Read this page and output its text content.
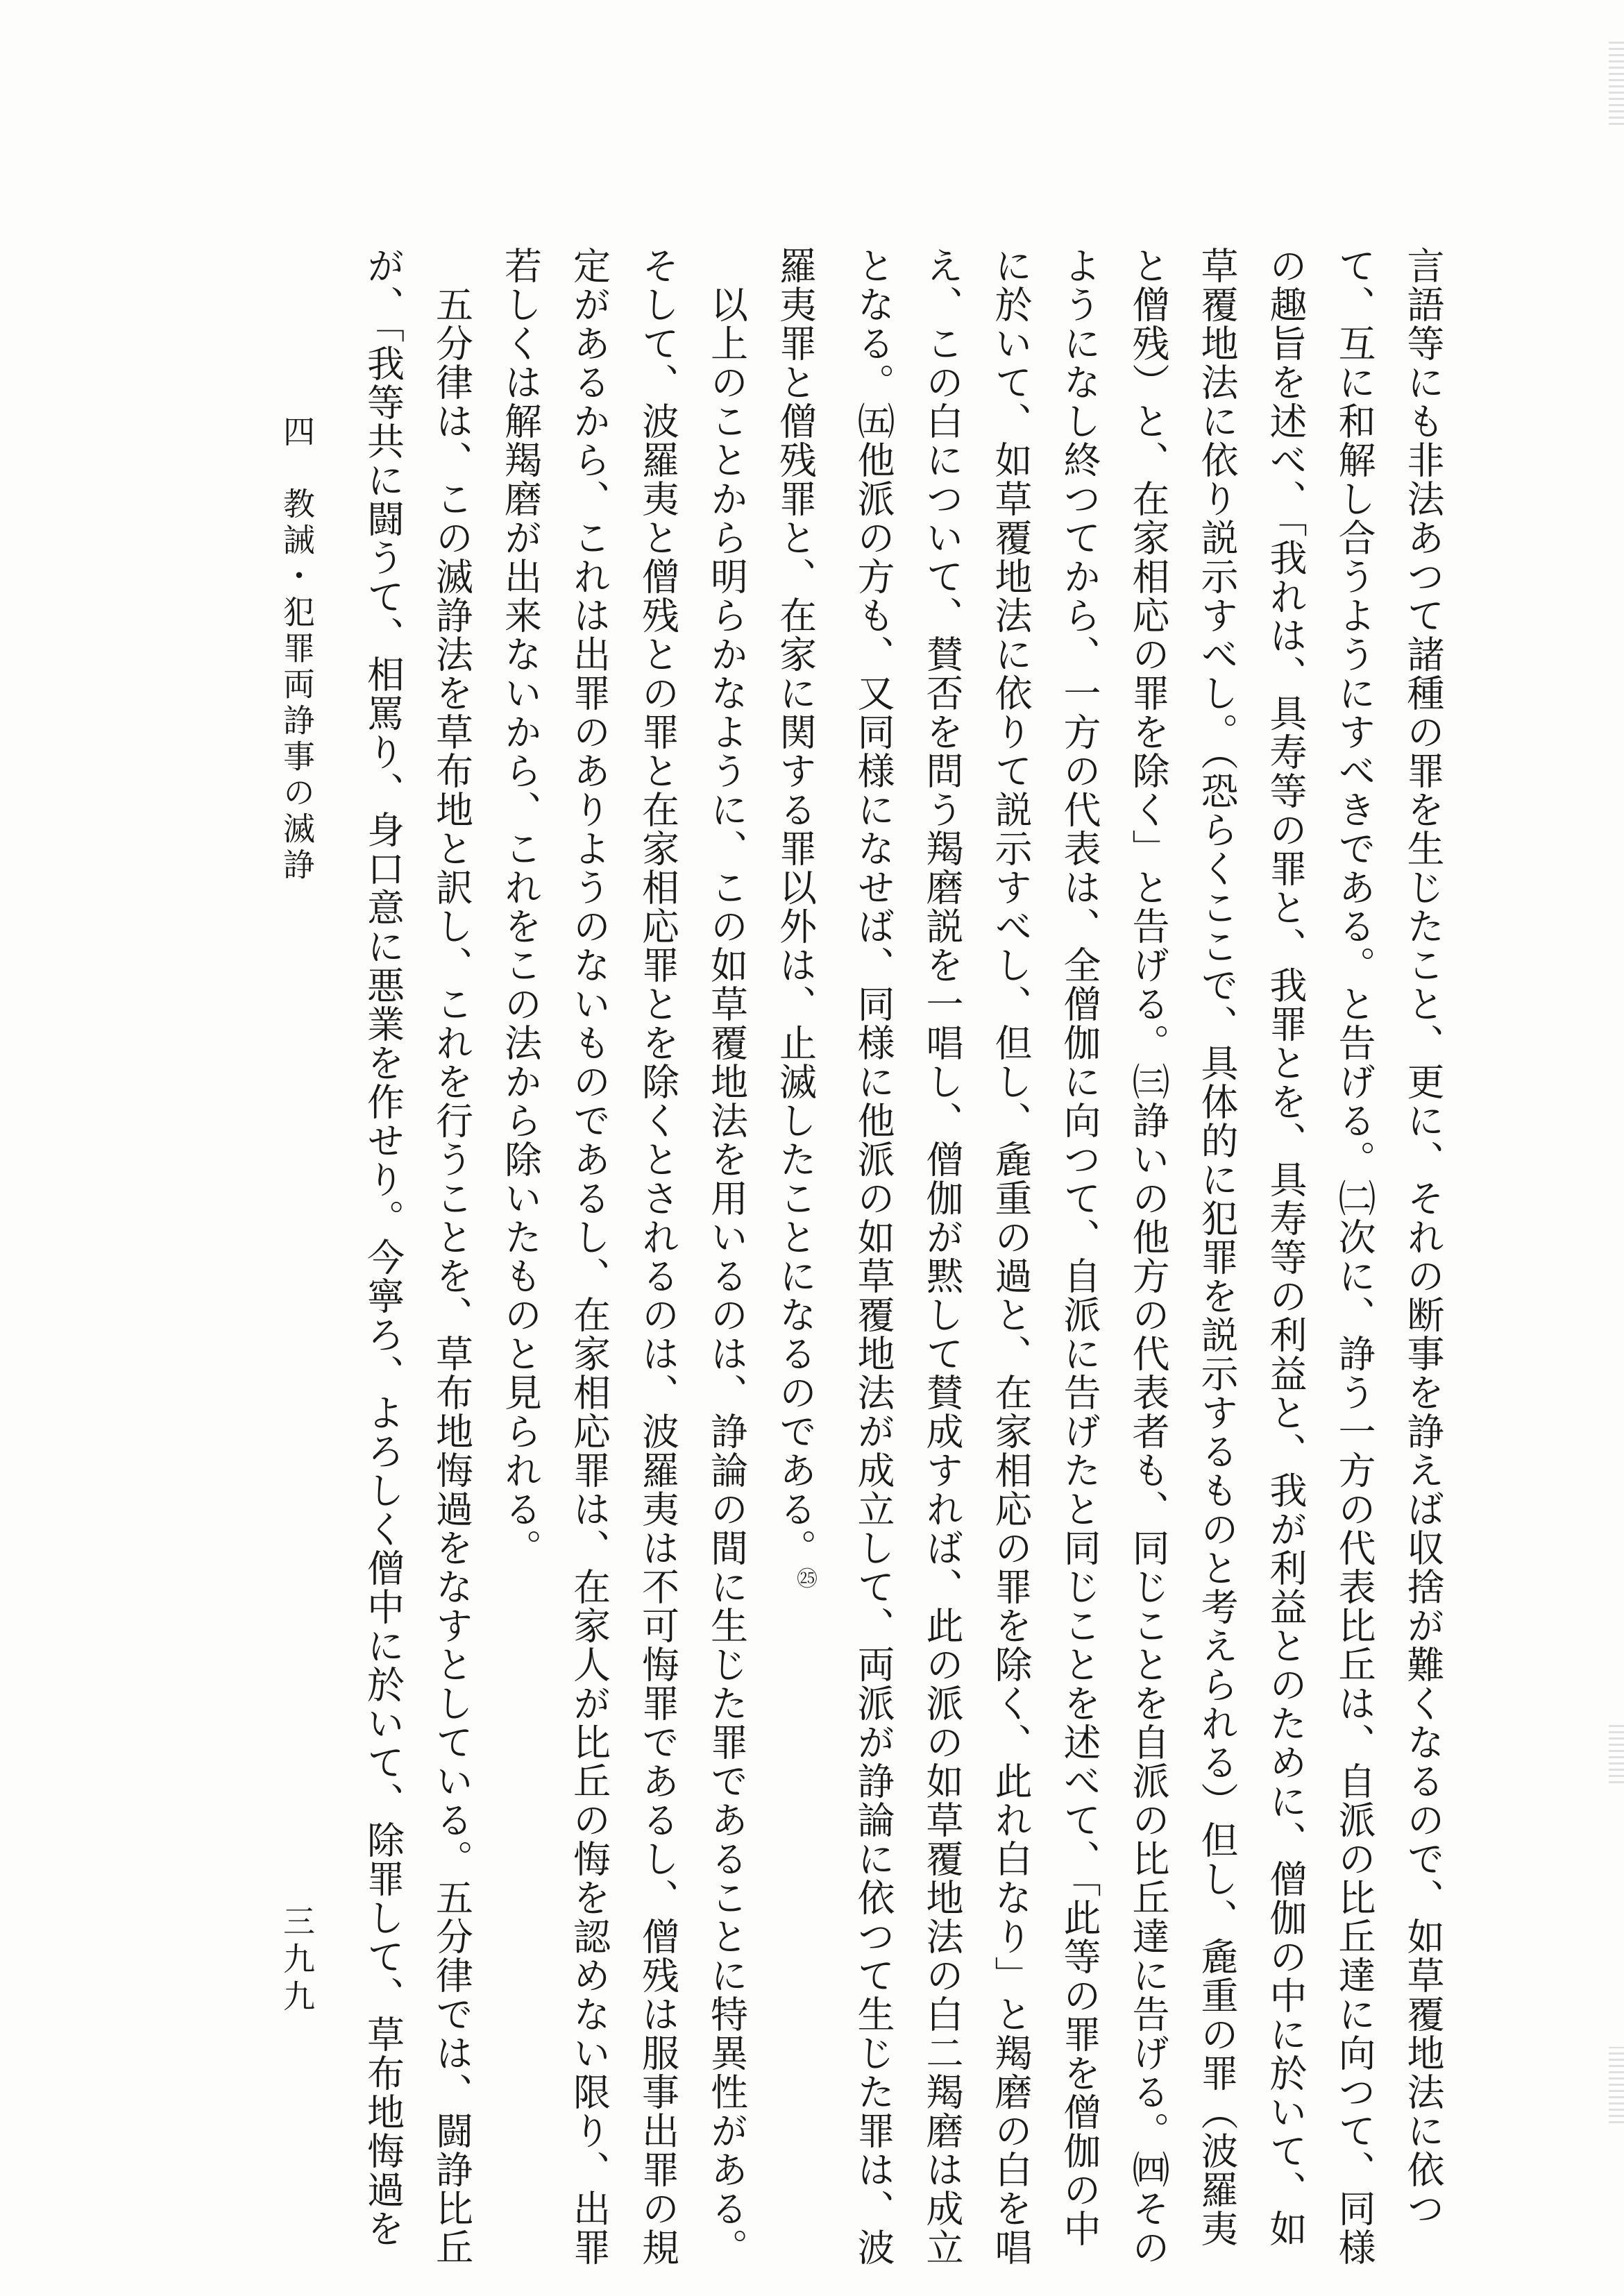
言語等にも非法あつて諸種の罪を生じたこと、更に、それの断事を諍えば収捨が難くなるので、如草覆地法に依つ
て、互に和解し合うようにすべきである。と告げる。㈡次に、諍う一方の代表比丘は、自派の比丘達に向つて、同様
の趣旨を述べ、「我れは、具寿等の罪と、我罪とを、具寿等の利益と、我が利益とのために、僧伽の中に於いて、如
草覆地法に依り説示すべし。（恐らくここで、具体的に犯罪を説示するものと考えられる）但し、麁重の罪（波羅夷
と僧残）と、在家相応の罪を除く」と告げる。㈢諍いの他方の代表者も、同じことを自派の比丘達に告げる。㈣その
ようになし終つてから、一方の代表は、全僧伽に向つて、自派に告げたと同じことを述べて、「此等の罪を僧伽の中
に於いて、如草覆地法に依りて説示すべし、但し、麁重の過と、在家相応の罪を除く、此れ白なり」と羯磨の白を唱
え、この白について、賛否を問う羯磨説を一唱し、僧伽が黙して賛成すれば、此の派の如草覆地法の白二羯磨は成立
となる。㈤他派の方も、又同様になせば、同様に他派の如草覆地法が成立して、両派が諍論に依つて生じた罪は、波
羅夷罪と僧残罪と、在家に関する罪以外は、止滅したことになるのである。㉕
以上のことから明らかなように、この如草覆地法を用いるのは、諍論の間に生じた罪であることに特異性がある。
そして、波羅夷と僧残との罪と在家相応罪とを除くとされるのは、波羅夷は不可悔罪であるし、僧残は服事出罪の規
定があるから、これは出罪のありようのないものであるし、在家相応罪は、在家人が比丘の悔を認めない限り、出罪
若しくは解羯磨が出来ないから、これをこの法から除いたものと見られる。
五分律は、この滅諍法を草布地と訳し、これを行うことを、草布地悔過をなすとしている。五分律では、闘諍比丘
が、「我等共に闘うて、相罵り、身口意に悪業を作せり。今寧ろ、よろしく僧中に於いて、除罪して、草布地悔過を
四　教誡・犯罪両諍事の滅諍
三九九
